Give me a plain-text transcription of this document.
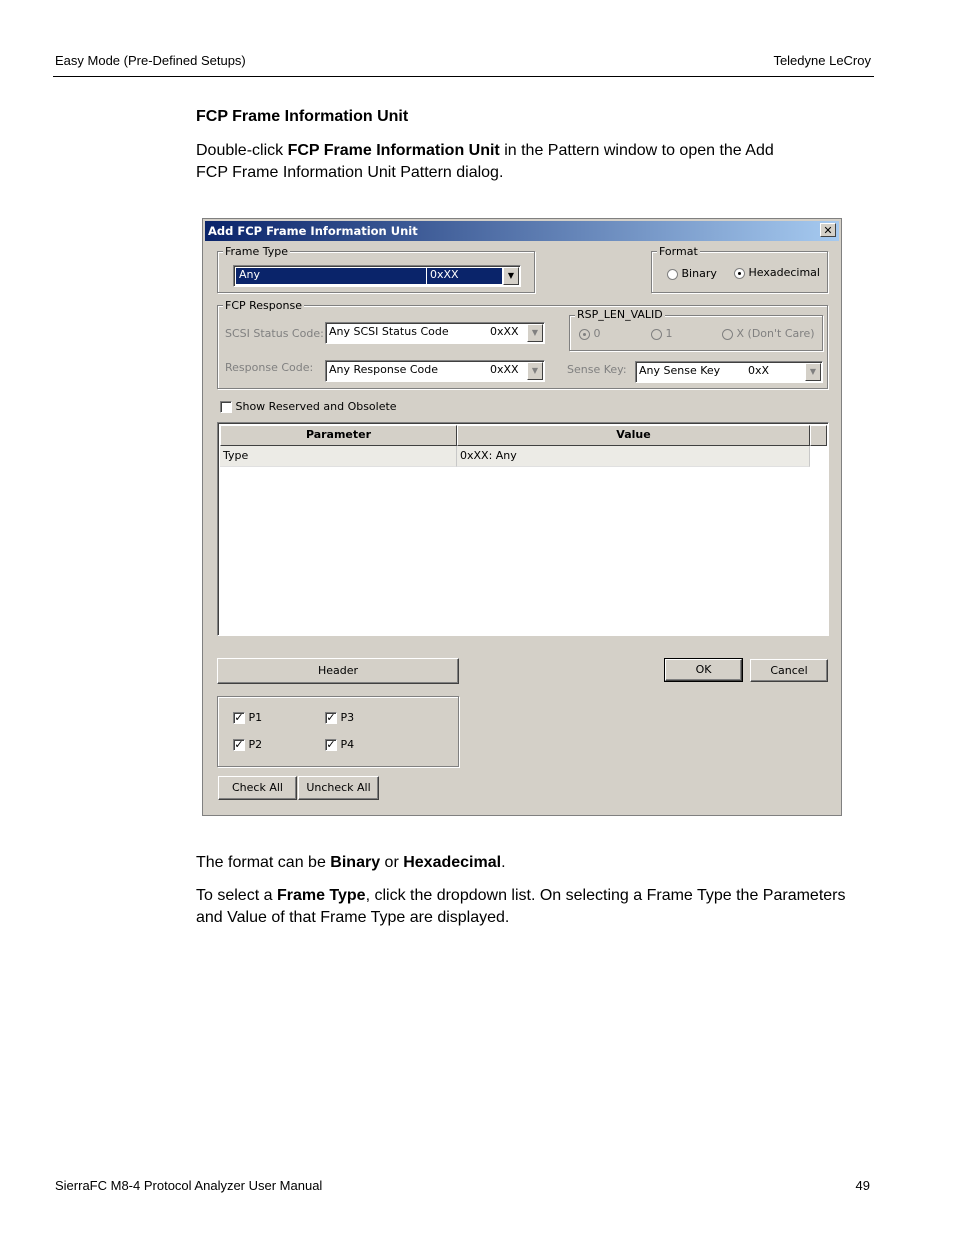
Easy Mode (Pre-Defined Setups)	Teledyne LeCroy
FCP Frame Information Unit
Double-click FCP Frame Information Unit in the Pattern window to open the Add
FCP Frame Information Unit Pattern dialog.
Add FCP Frame Information Unit	✕
Frame Type
Any	0xXX	▼
Format
Binary	Hexadecimal
FCP Response
SCSI Status Code: Any SCSI Status Code	0xXX	▼
Response Code: Any Response Code	0xXX	▼
RSP_LEN_VALID
0	1	X (Don't Care)
Sense Key: Any Sense Key	0xX	▼
Show Reserved and Obsolete
Parameter	Value
Type	0xXX: Any
Header	OK	Cancel
✓ P1	✓ P3
✓ P2	✓ P4
Check All	Uncheck All
The format can be Binary or Hexadecimal.
To select a Frame Type, click the dropdown list. On selecting a Frame Type the Parameters
and Value of that Frame Type are displayed.
SierraFC M8-4 Protocol Analyzer User Manual	49
